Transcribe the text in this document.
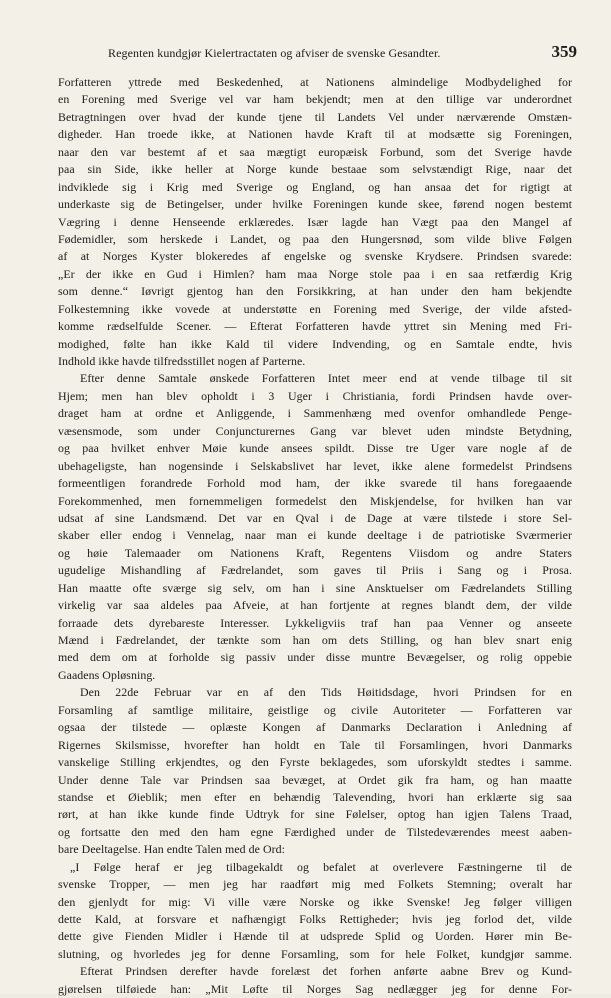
Regenten kundgjør Kielertractaten og afviser de svenske Gesandter.	359
Forfatteren yttrede med Beskedenhed, at Nationens almindelige Modbydelighed for
en Forening med Sverige vel var ham bekjendt; men at den tillige var underordnet
Betragtningen over hvad der kunde tjene til Landets Vel under nærværende Omstæn-
digheder. Han troede ikke, at Nationen havde Kraft til at modsætte sig Foreningen,
naar den var bestemt af et saa mægtigt europæisk Forbund, som det Sverige havde
paa sin Side, ikke heller at Norge kunde bestaae som selvstændigt Rige, naar det
indviklede sig i Krig med Sverige og England, og han ansaa det for rigtigt at
underkaste sig de Betingelser, under hvilke Foreningen kunde skee, førend nogen bestemt
Vægring i denne Henseende erklæredes. Især lagde han Vægt paa den Mangel af
Fødemidler, som herskede i Landet, og paa den Hungersnød, som vilde blive Følgen
af at Norges Kyster blokeredes af engelske og svenske Krydsere. Prindsen svarede:
„Er der ikke en Gud i Himlen? ham maa Norge stole paa i en saa retfærdig Krig
som denne.“ Iøvrigt gjentog han den Forsikkring, at han under den ham bekjendte
Folkestemning ikke vovede at understøtte en Forening med Sverige, der vilde afsted-
komme rædselfulde Scener. — Efterat Forfatteren havde yttret sin Mening med Fri-
modighed, følte han ikke Kald til videre Indvending, og en Samtale endte, hvis
Indhold ikke havde tilfredsstillet nogen af Parterne.
Efter denne Samtale ønskede Forfatteren Intet meer end at vende tilbage til sit
Hjem; men han blev opholdt i 3 Uger i Christiania, fordi Prindsen havde over-
draget ham at ordne et Anliggende, i Sammenhæng med ovenfor omhandlede Penge-
væsensmode, som under Conjuncturernes Gang var blevet uden mindste Betydning,
og paa hvilket enhver Møie kunde ansees spildt. Disse tre Uger vare nogle af de
ubehageligste, han nogensinde i Selskabslivet har levet, ikke alene formedelst Prindsens
formeentligen forandrede Forhold mod ham, der ikke svarede til hans foregaaende
Forekommenhed, men fornemmeligen formedelst den Miskjendelse, for hvilken han var
udsat af sine Landsmænd. Det var en Qval i de Dage at være tilstede i store Sel-
skaber eller endog i Vennelag, naar man ei kunde deeltage i de patriotiske Sværmerier
og høie Talemaader om Nationens Kraft, Regentens Viisdom og andre Staters
ugudelige Mishandling af Fædrelandet, som gaves til Priis i Sang og i Prosa.
Han maatte ofte sværge sig selv, om han i sine Ansktuelser om Fædrelandets Stilling
virkelig var saa aldeles paa Afveie, at han fortjente at regnes blandt dem, der vilde
forraade dets dyrebareste Interesser. Lykkeligviis traf han paa Venner og anseete
Mænd i Fædrelandet, der tænkte som han om dets Stilling, og han blev snart enig
med dem om at forholde sig passiv under disse muntre Bevægelser, og rolig oppebie
Gaadens Opløsning.
Den 22de Februar var en af den Tids Høitidsdage, hvori Prindsen for en
Forsamling af samtlige militaire, geistlige og civile Autoriteter — Forfatteren var
ogsaa der tilstede — oplæste Kongen af Danmarks Declaration i Anledning af
Rigernes Skilsmisse, hvorefter han holdt en Tale til Forsamlingen, hvori Danmarks
vanskelige Stilling erkjendtes, og den Fyrste beklagedes, som uforskyldt stedtes i samme.
Under denne Tale var Prindsen saa bevæget, at Ordet gik fra ham, og han maatte
standse et Øieblik; men efter en behændig Talevending, hvori han erklærte sig saa
rørt, at han ikke kunde finde Udtryk for sine Følelser, optog han igjen Talens Traad,
og fortsatte den med den ham egne Færdighed under de Tilstedeværendes meest aaben-
bare Deeltagelse. Han endte Talen med de Ord:
„I Følge heraf er jeg tilbagekaldt og befalet at overlevere Fæstningerne til de
svenske Tropper, — men jeg har raadført mig med Folkets Stemning; overalt har
den gjenlydt for mig: Vi ville være Norske og ikke Svenske! Jeg følger villigen
dette Kald, at forsvare et nafhængigt Folks Rettigheder; hvis jeg forlod det, vilde
dette give Fienden Midler i Hænde til at udsprede Splid og Uorden. Hører min Be-
slutning, og hvorledes jeg for denne Forsamling, som for hele Folket, kundgjør samme.
Efterat Prindsen derefter havde forelæst det forhen anførte aabne Brev og Kund-
gjørelsen tilføiede han: „Mit Løfte til Norges Sag nedlægger jeg for denne For-
